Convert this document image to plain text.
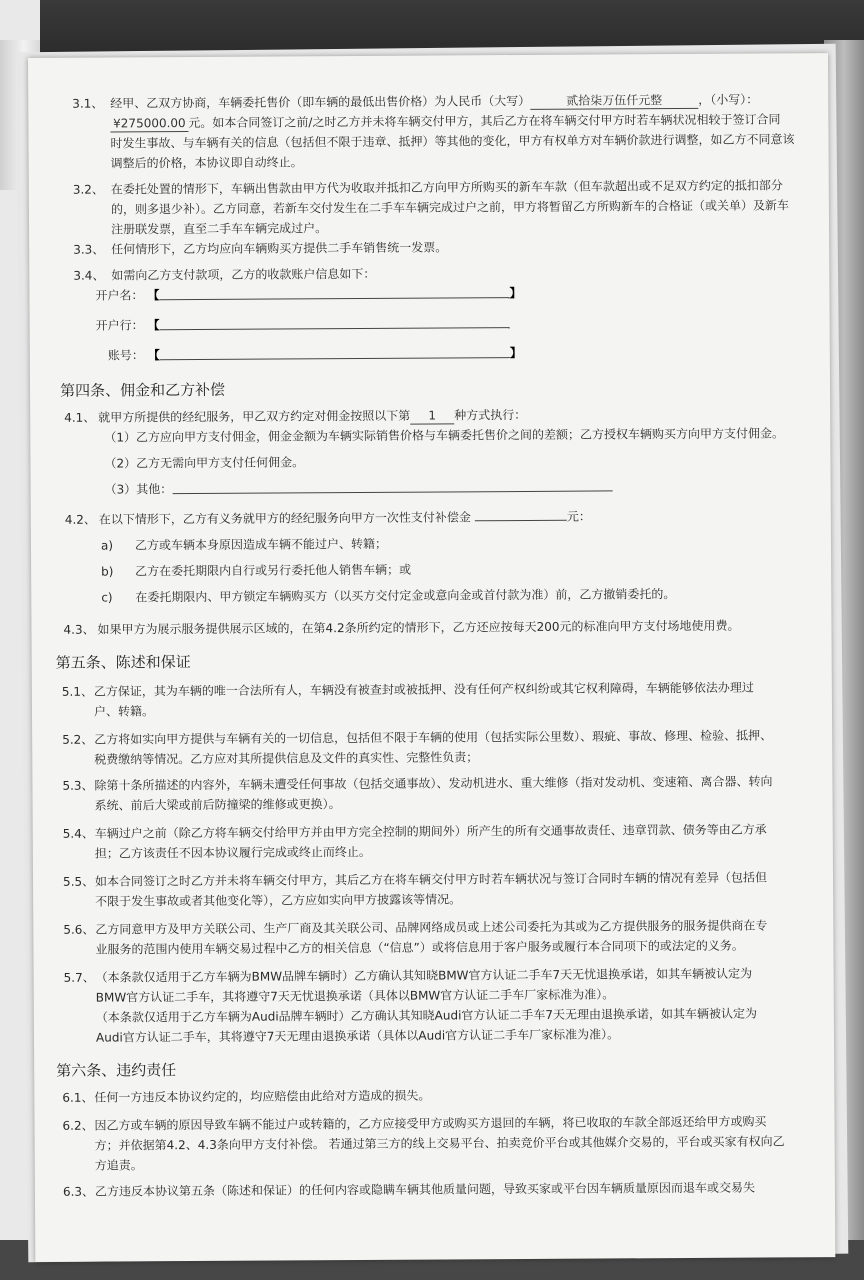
3.1、 经甲、乙双方协商，车辆委托售价（即车辆的最低出售价格）为人民币（大写）	贰拾柒万伍仟元整	，（小写）：
¥275000.00 元。如本合同签订之前/之时乙方并未将车辆交付甲方，其后乙方在将车辆交付甲方时若车辆状况相较于签订合同
时发生事故、与车辆有关的信息（包括但不限于违章、抵押）等其他的变化，甲方有权单方对车辆价款进行调整，如乙方不同意该
调整后的价格，本协议即自动终止。
3.2、 在委托处置的情形下，车辆出售款由甲方代为收取并抵扣乙方向甲方所购买的新车车款（但车款超出或不足双方约定的抵扣部分
的，则多退少补）。乙方同意，若新车交付发生在二手车车辆完成过户之前，甲方将暂留乙方所购新车的合格证（或关单）及新车
注册联发票，直至二手车车辆完成过户。
3.3、 任何情形下，乙方均应向车辆购买方提供二手车销售统一发票。
3.4、 如需向乙方支付款项，乙方的收款账户信息如下：
开户名： 【	】
开户行： 【
账号： 【	】
第四条、佣金和乙方补偿
4.1、 就甲方所提供的经纪服务，甲乙双方约定对佣金按照以下第 1 种方式执行：
（1）乙方应向甲方支付佣金，佣金金额为车辆实际销售价格与车辆委托售价之间的差额；乙方授权车辆购买方向甲方支付佣金。
（2）乙方无需向甲方支付任何佣金。
（3）其他：
4.2、 在以下情形下，乙方有义务就甲方的经纪服务向甲方一次性支付补偿金	元：
a) 乙方或车辆本身原因造成车辆不能过户、转籍；
b) 乙方在委托期限内自行或另行委托他人销售车辆；或
c) 在委托期限内、甲方锁定车辆购买方（以买方交付定金或意向金或首付款为准）前，乙方撤销委托的。
4.3、 如果甲方为展示服务提供展示区域的，在第4.2条所约定的情形下，乙方还应按每天200元的标准向甲方支付场地使用费。
第五条、陈述和保证
5.1、 乙方保证，其为车辆的唯一合法所有人，车辆没有被查封或被抵押、没有任何产权纠纷或其它权利障碍，车辆能够依法办理过
户、转籍。
5.2、 乙方将如实向甲方提供与车辆有关的一切信息，包括但不限于车辆的使用（包括实际公里数）、瑕疵、事故、修理、检验、抵押、
税费缴纳等情况。乙方应对其所提供信息及文件的真实性、完整性负责；
5.3、 除第十条所描述的内容外，车辆未遭受任何事故（包括交通事故）、发动机进水、重大维修（指对发动机、变速箱、离合器、转向
系统、前后大梁或前后防撞梁的维修或更换）。
5.4、 车辆过户之前（除乙方将车辆交付给甲方并由甲方完全控制的期间外）所产生的所有交通事故责任、违章罚款、债务等由乙方承
担；乙方该责任不因本协议履行完成或终止而终止。
5.5、 如本合同签订之时乙方并未将车辆交付甲方，其后乙方在将车辆交付甲方时若车辆状况与签订合同时车辆的情况有差异（包括但
不限于发生事故或者其他变化等），乙方应如实向甲方披露该等情况。
5.6、 乙方同意甲方及甲方关联公司、生产厂商及其关联公司、品牌网络成员或上述公司委托为其或为乙方提供服务的服务提供商在专
业服务的范围内使用车辆交易过程中乙方的相关信息（“信息”）或将信息用于客户服务或履行本合同项下的或法定的义务。
5.7、 （本条款仅适用于乙方车辆为BMW品牌车辆时）乙方确认其知晓BMW官方认证二手车7天无忧退换承诺，如其车辆被认定为
BMW官方认证二手车，其将遵守7天无忧退换承诺（具体以BMW官方认证二手车厂家标准为准）。
（本条款仅适用于乙方车辆为Audi品牌车辆时）乙方确认其知晓Audi官方认证二手车7天无理由退换承诺，如其车辆被认定为
Audi官方认证二手车，其将遵守7天无理由退换承诺（具体以Audi官方认证二手车厂家标准为准）。
第六条、违约责任
6.1、 任何一方违反本协议约定的，均应赔偿由此给对方造成的损失。
6.2、 因乙方或车辆的原因导致车辆不能过户或转籍的，乙方应接受甲方或购买方退回的车辆，将已收取的车款全部返还给甲方或购买
方；并依据第4.2、4.3条向甲方支付补偿。 若通过第三方的线上交易平台、拍卖竞价平台或其他媒介交易的，平台或买家有权向乙
方追责。
6.3、 乙方违反本协议第五条（陈述和保证）的任何内容或隐瞒车辆其他质量问题，导致买家或平台因车辆质量原因而退车或交易失
